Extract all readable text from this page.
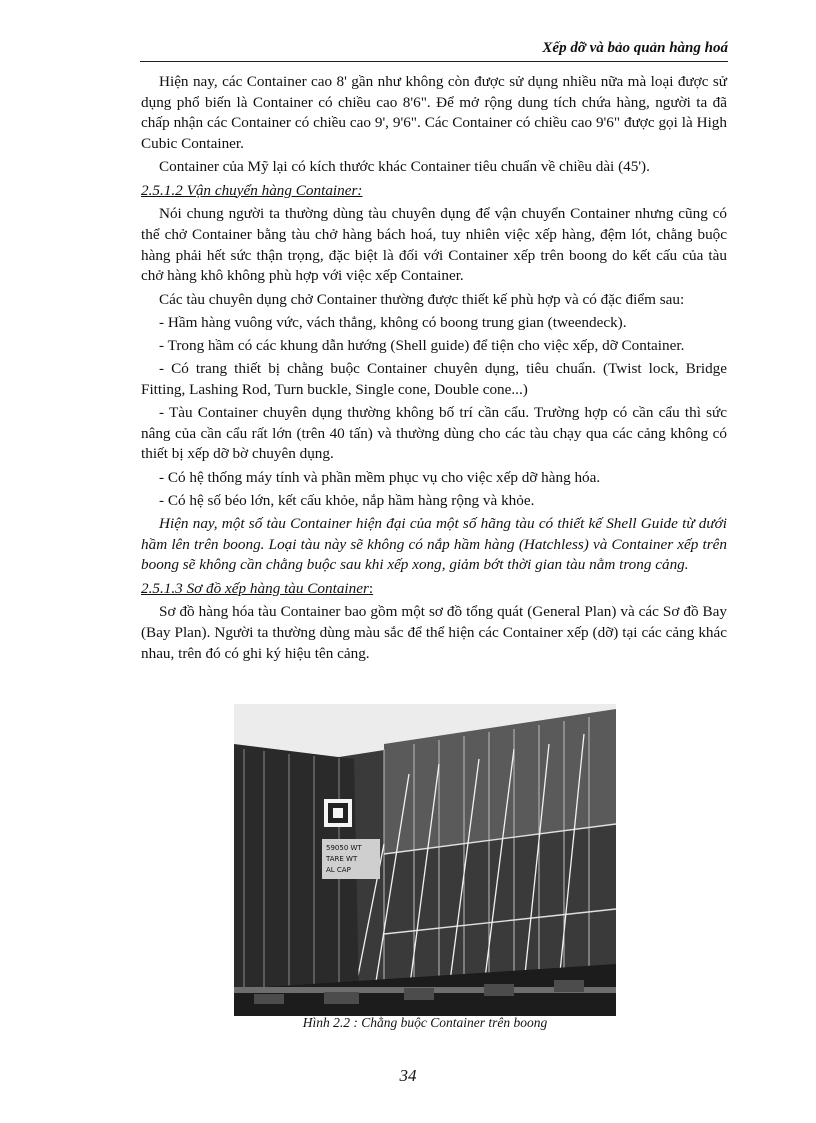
Xếp dỡ và bảo quản hàng hoá

Hiện nay, các Container cao 8' gần như không còn được sử dụng nhiều nữa mà loại được sử dụng phổ biến là Container có chiều cao 8'6". Để mở rộng dung tích chứa hàng, người ta đã chấp nhận các Container có chiều cao 9', 9'6". Các Container có chiều cao 9'6" được gọi là High Cubic Container.

Container của Mỹ lại có kích thước khác Container tiêu chuẩn về chiều dài (45').

2.5.1.2 Vận chuyển hàng Container:

Nói chung người ta thường dùng tàu chuyên dụng để vận chuyển Container nhưng cũng có thể chở Container bằng tàu chở hàng bách hoá, tuy nhiên việc xếp hàng, đệm lót, chằng buộc hàng phải hết sức thận trọng, đặc biệt là đối với Container xếp trên boong do kết cấu của tàu chở hàng khô không phù hợp với việc xếp Container.

Các tàu chuyên dụng chở Container thường được thiết kế phù hợp và có đặc điểm sau:

- Hầm hàng vuông vức, vách thẳng, không có boong trung gian (tweendeck).

- Trong hầm có các khung dẫn hướng (Shell guide) để tiện cho việc xếp, dỡ Container.

- Có trang thiết bị chằng buộc Container chuyên dụng, tiêu chuẩn. (Twist lock, Bridge Fitting, Lashing Rod, Turn buckle, Single cone, Double cone...)

- Tàu Container chuyên dụng thường không bố trí cần cẩu. Trường hợp có cần cẩu thì sức nâng của cần cẩu rất lớn (trên 40 tấn) và thường dùng cho các tàu chạy qua các cảng không có thiết bị xếp dỡ bờ chuyên dụng.

- Có hệ thống máy tính và phần mềm phục vụ cho việc xếp dỡ hàng hóa.

- Có hệ số béo lớn, kết cấu khỏe, nắp hầm hàng rộng và khỏe.

Hiện nay, một số tàu Container hiện đại của một số hãng tàu có thiết kế Shell Guide từ dưới hầm lên trên boong. Loại tàu này sẽ không có nắp hầm hàng (Hatchless) và Container xếp trên boong sẽ không cần chằng buộc sau khi xếp xong, giảm bớt thời gian tàu nằm trong cảng.

2.5.1.3 Sơ đồ xếp hàng tàu Container:

Sơ đồ hàng hóa tàu Container bao gồm một sơ đồ tổng quát (General Plan) và các Sơ đồ Bay (Bay Plan). Người ta thường dùng màu sắc để thể hiện các Container xếp (dỡ) tại các cảng khác nhau, trên đó có ghi ký hiệu tên cảng.

59050 WT
TARE WT
AL CAP
Hình 2.2 : Chằng buộc Container trên boong
34
